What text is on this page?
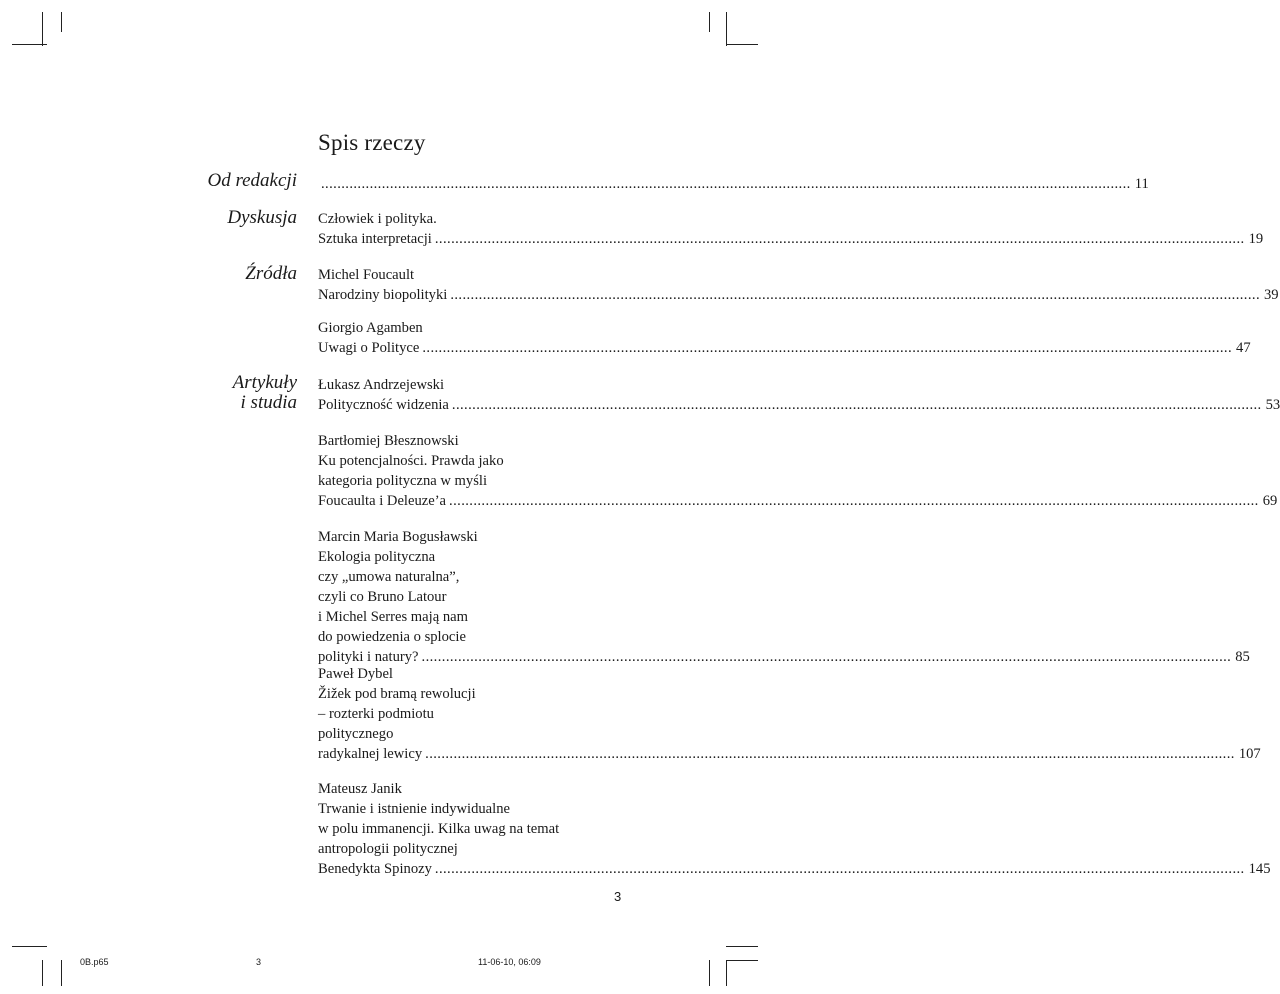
Spis rzeczy
Od redakcji
Dyskusja
Źródła
Artykuły
i studia
........................................................................................................................................................................................................ 11
Człowiek i polityka.
Sztuka interpretacji ........................................................................................................................................................................................................ 19
Michel Foucault
Narodziny biopolityki ........................................................................................................................................................................................................ 39
Giorgio Agamben
Uwagi o Polityce ........................................................................................................................................................................................................ 47
Łukasz Andrzejewski
Polityczność widzenia ........................................................................................................................................................................................................ 53
Bartłomiej Błesznowski
Ku potencjalności. Prawda jako
kategoria polityczna w myśli
Foucaulta i Deleuze’a ........................................................................................................................................................................................................ 69
Marcin Maria Bogusławski
Ekologia polityczna
czy „umowa naturalna”,
czyli co Bruno Latour
i Michel Serres mają nam
do powiedzenia o splocie
polityki i natury? ........................................................................................................................................................................................................ 85
Paweł Dybel
Žižek pod bramą rewolucji
– rozterki podmiotu
politycznego
radykalnej lewicy ........................................................................................................................................................................................................ 107
Mateusz Janik
Trwanie i istnienie indywidualne
w polu immanencji. Kilka uwag na temat
antropologii politycznej
Benedykta Spinozy ........................................................................................................................................................................................................ 145
3
0B.p65	3	11-06-10, 06:09
